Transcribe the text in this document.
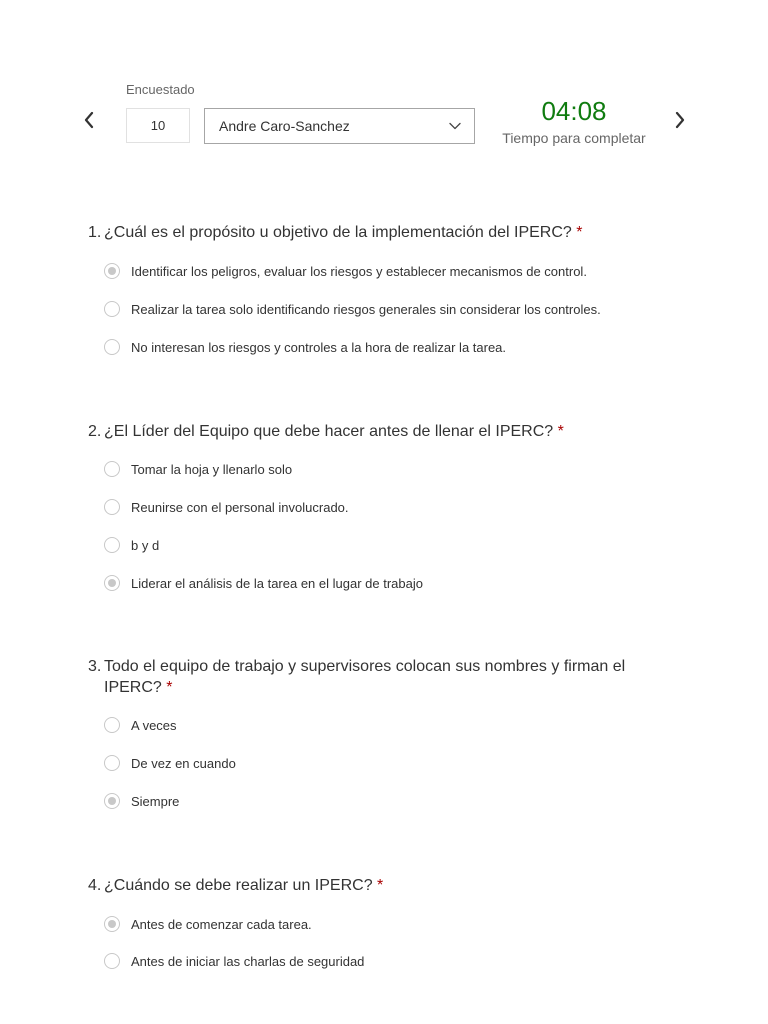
Encuestado
10	Andre Caro-Sanchez	04:08
Tiempo para completar
1. ¿Cuál es el propósito u objetivo de la implementación del IPERC? *
Identificar los peligros, evaluar los riesgos y establecer mecanismos de control.
Realizar la tarea solo identificando riesgos generales sin considerar los controles.
No interesan los riesgos y controles a la hora de realizar la tarea.
2. ¿El Líder del Equipo que debe hacer antes de llenar el IPERC? *
Tomar la hoja y llenarlo solo
Reunirse con el personal involucrado.
b y d
Liderar el análisis de la tarea en el lugar de trabajo
3. Todo el equipo de trabajo y supervisores colocan sus nombres y firman el IPERC? *
A veces
De vez en cuando
Siempre
4. ¿Cuándo se debe realizar un IPERC? *
Antes de comenzar cada tarea.
Antes de iniciar las charlas de seguridad
